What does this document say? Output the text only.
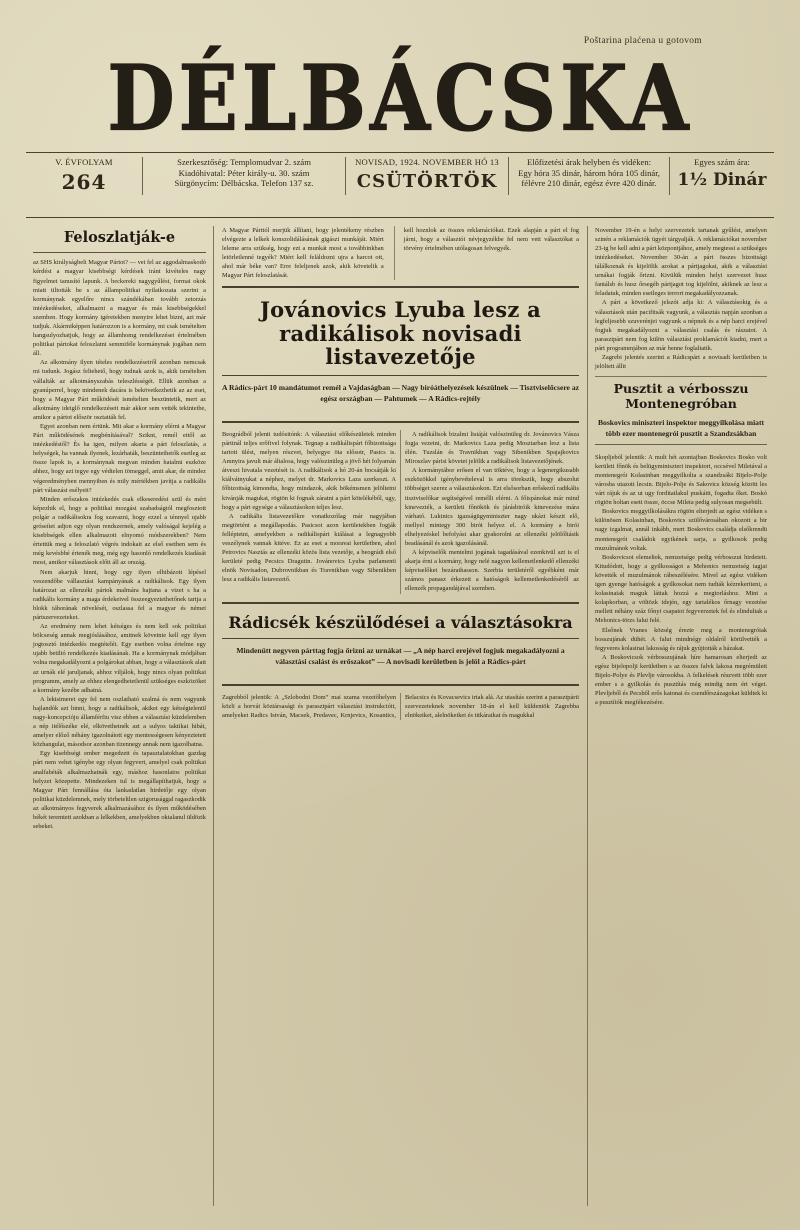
Poštarina plaćena u gotovom
DÉLBÁCSKA
V. ÉVFOLYAM
264
Szerkesztőség: Templomudvar 2. szám
Kiadóhivatal: Péter király-u. 30. szám
Sürgönycím: Délbácska. Telefon 137 sz.
NOVISAD, 1924. NOVEMBER HÓ 13
CSÜTÖRTÖK
Előfizetési árak helyben és vidéken:
Egy hóra 35 dinár, három hóra 105 dinár,
félévre 210 dinár, egész évre 420 dinár.
Egyes szám ára:
1½ Dinár
Feloszlatják-e

az SHS királyságbeli Magyar Pártot? — vet fel az aggodalmaskodó kérdést a magyar kisebbségi kérdések iránt kivételes nagy figyelmet tanusító lapunk. A beckereki nagygyűlést, formai okok miatt tiltották be s az állampolitikai nyilatkozata szerint a kormánynak egyelőre nincs szándékában tovább zetorzás intézkedéseket, alkalmazni a magyar és más kisebbségekkel szemben. Hogy kormány igéretekben menyire lehet bizni, azt már tudjuk. Akármiképpen határozzon is a kormány, mi csak ismételten hangsulyozhatjuk, hogy az államhomg rendelkezései értelmében politikai pártokat feloszlatni semmiféle kormánynak jogában nem áll.

Az alkotmány ilyen tételes rendelkezéseiről azonban nemcsak mi tudunk. Jogász feltehető, hogy tudnak azok is, akik ismételten vállalták az alkotmányszabás teleszlésségét. Ellük azonban a gyanúperrel, hogy mindenek dacára is bekövetkezhetik az az eset, hogy a Magyar Párt működését ismételten beszüntetik, mert az alkotmány ideiglő rendelkezéseit már akkor sem vették tekintetbe, amikor a pártot először osztatták fel.

Egyet azonban nem értünk. Mit akar a kormány elérni a Magyar Párt működésének megbénításával? Sziknt, remél ettől az intézkedéstől? És ha igen, milyen akarta a párt feloszlatás, a helységek, ha vannak ilyenek, lezárhaták, beszüntethetők esetleg az össze lapok is, a kormánynak megvan minden hatalmi eszköze ahhez, hogy azt tegye egy védtelen tömeggel, amit akar, de mindez végeredményben mennyiben és mily mértékben javítja a radikális párt válaszási esélyeit?

Minden erőszakos intézkedés csak elkeseredést szül és mért képezhik el, hogy a politikai mozgási szabadságtól megfosztott polgár a radikálisokra fog szavazni, hogy ezzel a ténnyel ujabb gróseítet adjon egy olyan rendszernek, amely valóságal kejelég a kisebbségek ellen alkalmazott elnyomó módszerekben? Nem értettük meg a feloszlató végrés indokait az első esetben sem és még kevésbbé értenék meg, még egy hasonló rendelkezés kiadását most, amikor választások előtt áll az ország.

Nem akarjuk hinni, hogy egy ilyen elhibázott lépésel veszendőbe vállasztási kampányának a radikálisok. Egy ilyen határozat az ellenzéki pártok malmára hajtana a vizet s ha a radikális kormány a maga érdekeivel összeegyeztethetőnek tartja a blokk táborának növelését, oszlassa fel a magyar és német pártszervezeteket.

Az eredmény nem lehet kétséges és nem kell sok politikai bölcseség annak megjóslásához, amitnek követnie kell egy ilyen jogtosztó intézkedés megtételét. Egy esetben volna értelme egy ujabb betiltó rendelkezés kiadásának. Ha a kormánynak módjában volna megakadályozni a polgárokat abban, hogy a választások alatt az urnák elé jaruljanak, ahhoz viljálok, hogy nincs olyan politikai programm, amely az ehhez elengedhetetlenül szükséges eszközöket a kormány kezébe adhatná.

A lekisimeret egy fel nem oszlatható szalmá és nem vagyunk hajlandók azt hinni, hogy a radikálisok, akiket egy kétségtelenül nagy-koncepcióju államférfiu visz ebben a választási küzdelemben a nép itélőszéke elé, elkövethetnék azt a sulyos taktikai hibát, amelyer előző néhány igazolnátott egy mentességesen kényeztetett közhangulat, másodsor azonban tizennegy annak nem igazolhatna.

Egy kisebbségi ember megedzett és tapasztalatokban gazdag párt nem vehet igénybe egy olyan fegyvert, amelyel csak politikai analfabéták alkalmazhatnák egy, máshoz hasonlatos politikai helyzet közepette. Mindezeken tul is megállapíthatjuk, hogy a Magyar Párt fennállása óta lankadatlan hirdetője egy olyan politikai küzdelemnek, mely törbeteltlen szigorusággal ragaszkodik az alkotmányos fegyverek alkalmazásához és ilyen működésében békét teremtett azokban a lelkekben, amelyekben oktalanul üldözik sebeket.

A Magyar Párttól merjük állítani, hogy jelentékeny részben elvégezte a lelkek konszolidálásának gigászi munkáját. Miért leleme arra szükség, hogy ezt a munkát most a továbbinkban letörletlenné tegyék? Miért kell feláldozni ujra a harcot ott, ahol már béke van? Erre feleljenek azok, akik követelik a Magyar Párt feloszlatását.

kell hoznlok az összes reklamációkat. Ezek alapján a párt el fog járni, hogy a választói névjegyzékbe fel nem vett választókat a törvény értelmében utólagosan felvegyék.

Jovánovics Lyuba lesz a radikálisok novisadi listavezetője
A Rádics-párt 10 mandátumot remél a Vajdaságban — Nagy biróáthelyezések készülnek — Tisztviselőcsere az egész országban — Pahtumek — A Rádics-rejtély

Beográdból jelenti tudósitónk: A választási előkészületek minden párttnál teljes erőfivel folynak. Tegnap a radikálispárt főbizottsága tartott ülést, melyen részvet, belyegye öta elősotr, Pasics is. Amnyira javult már általosa, hogy valószinüleg a jövő hét folyamán átveszi hivatala vezetését is. A radikálisok a hó 20-án bocsátják ki kiálvátnyukat a néphez, melyet dr. Markovics Laza szerkeszt. A főbizottság kimondta, hogy mindazok, akik bökémsmen jelöltetni kivánják magukat, rögtön ki fognak záratni a párt kötelékéből, ugy, hogy a párt egysége a választásokon teljes lesz.

A radikális listavezetőkre vonatkozólag már nagyjában megtörtént a megállapodás. Pasicsot azon kerületekben fogják felléptetni, amelyekben a radikálispárt kiálásai a legnagyobb veszélynek vannak kitéve. Ez az eset a moravai kerületben, ahol Petrovics Nasztás az ellenzéki közös lista vezetője, a beográdi első kerületé pedig Pecsics Dragutin. Jovánovics Lyuba parlamenti elnök Novisadon, Dubrovnikban és Travnikban vagy Sibenikben lesz a radikális listavezető.

A radikálisok bizalmi listáját valószinüleg dr. Jovánovics Vásza fogja vezetni, dr. Markovics Laza pedig Mosztarban lesz a lista élén. Tuzslán és Travnikban vagy Sibenikben Spajajkovics Miroszlav párisi követet jelölik a radikálisok listavezetőjének.

A kormánytábor erősen el van töktéve, hogy a legenergikusabb eszközökkel igénybevételeval is arra törekszik, hogy abszolut többséget szerez a választásokon. Ezt elsősorban erőskezű radikális tisztviselőkar segítségével remélli elérni. A főispánokat már mind kinevezték, a kerületi főnökök és járásbiróik kinevezése mára várható. Lukinics igazságügyminiszter nagy ukázt készit elő, mellyel mintegy 300 birót helyez el. A kormány a birói elhelyezéskel befolyást akar gyakorolni az ellenzéki jelölőltásik beadásánál és azok igazolásánál.

A képviselők mentelmi jogának tagadásával ezenkivül azt is el akarja érni a kormány, hogy nelé nagyon kellemetlenkedő ellenzéki képviselőket bezárathasson. Szerbia területéről egyébként már számos panasz érkezett a hatóságok kellemetlenkedéséről az ellenzék propagandájával szemben.

Rádicsék készülődései a választásokra
Mindenütt negyven párttag fogja őrizni az urnákat — „A nép harci erejével fogjuk megakadályozni a választási csalást és erőszakot” — A novisadi kerületben is jelöl a Rádics-párt

Zagrebból jelentik: A „Szlobodni Dom” mai szama vezetőhelyen közli a horvát köztársasági és parasztpárt választási instrukcióit, amelyeket Radics István, Macsek, Predavec, Krnjevics, Kosantics, Belacsics és Kovacsevics irtak alá. Az utasítás szerint a parasztpárti szervezeteknek november 18-án el kell küldeniök Zagrebba elnökeiket, alelnökeiket és titkáraikat és magukkal

November 19-én a helyi szervezetek tartanak gyűlést, amelyen szinén a reklamációk ügyét tárgyalják. A reklamációkat november 23-ig be kell adni a párt központjához, amely megtessi a szükséges intézkedéseket. November 30-án a párt összes bizottsági tálálkoznak és kijelölik azokat a pártjagokat, akik a választási urnákai fogják őrizni. Kivülük minden helyi szervezet husz fantálsb és husz őrsegéb pártjagot tog kijelölni, akiknek az lesz a feladatuk, minden esetleges terrort megakadályozzanak.

A párt a következő jelszót adja ki: A választásokig és a választások után pacifitsák vagyunk, a választás napján azonban a legfeljesebb szuverénjei vagyunk a népnek és a nép harci erejével fogjuk megakadályozni a választási csalás és rászatot. A parasztpárt nem fog külön választási proklamációt kiadni, mert a párt programmjábon az már benne foglaltatik.

Zagrebi jelentés szerint a Rádicspárt a novisadi kerületben is jelöltett állit

Pusztit a vérbosszu Montenegróban
Boskovics miniszteri inspektor meggyilkolása miatt több ezer montenegrói pusztit a Szandzsákban

Skopljeból jelentik: A mult hét azontajban Boskovics Bosko volt kerületi főnök és belügyminiszteri inspektort, occsével Miletával a montenegrói Kolasinban meggyilkolta a szandzsáki Bijelo-Polje városba utazott lecsin. Bijelo-Polje és Sakovics község között les várt rájuk és az ut ugy forditatlakul puskáitt, fogadta őket. Boskó rögtön holtan esett össze, öccse Mileta pedig sulyosan megsebült.

Boskovics meggyilkolásákra rögtön elterjedt az egész vidéken s különösen Kolasinban, Boskovics szülővárosában okozott a bir nagy izgalmat, annál inkább, mert Boskovics családja elsőkrendü montenegrói családok egyikének sarja, a gyilkosok pedig muzulmánok voltak.

Boskovicsot elemeltek, nemzetsége pedig vérbosszut hirdetett. Kitudódott, hogy a gyilkosságot a Mehonics nemzetség tagjai követték el muzulmánok rábeszélésére. Mivel az egész vidéken igen gyenge hatóságok a gyilkosokat nem tudták kézrekeriteni, a kolasinaiak maguk láttak hozzá a megtorláshoz. Mint a kolapkorban, a völtözk idején, egy tartalékos őrnagy vezetése mellett néhány száz főnyi csapatot fegyverzetek fel és elindultak a Mehonics-törzs falui felé.

Elsőnek Vranes község érezte meg a montenegróiak bosszujának dühét. A falut mindnégy oldalról körülvették a fegyveres kolasinai lakosság és rájuk gyújtották a házakat.

A Boskovicsok vérbosszujának híre hamarosan elterjedt az egész bijelopolji kerületben s az összes falvk lakosa megrémülett Bijelo-Polye és Plevlje városokba. A felkelések részvett több ezer ember s a gyilkolás és pusztítás még mindig nem ért véget. Plevljeből és Pecsből erős katonai és csendőrszázagokat küldtek ki a pusztítók megfékezésére.
